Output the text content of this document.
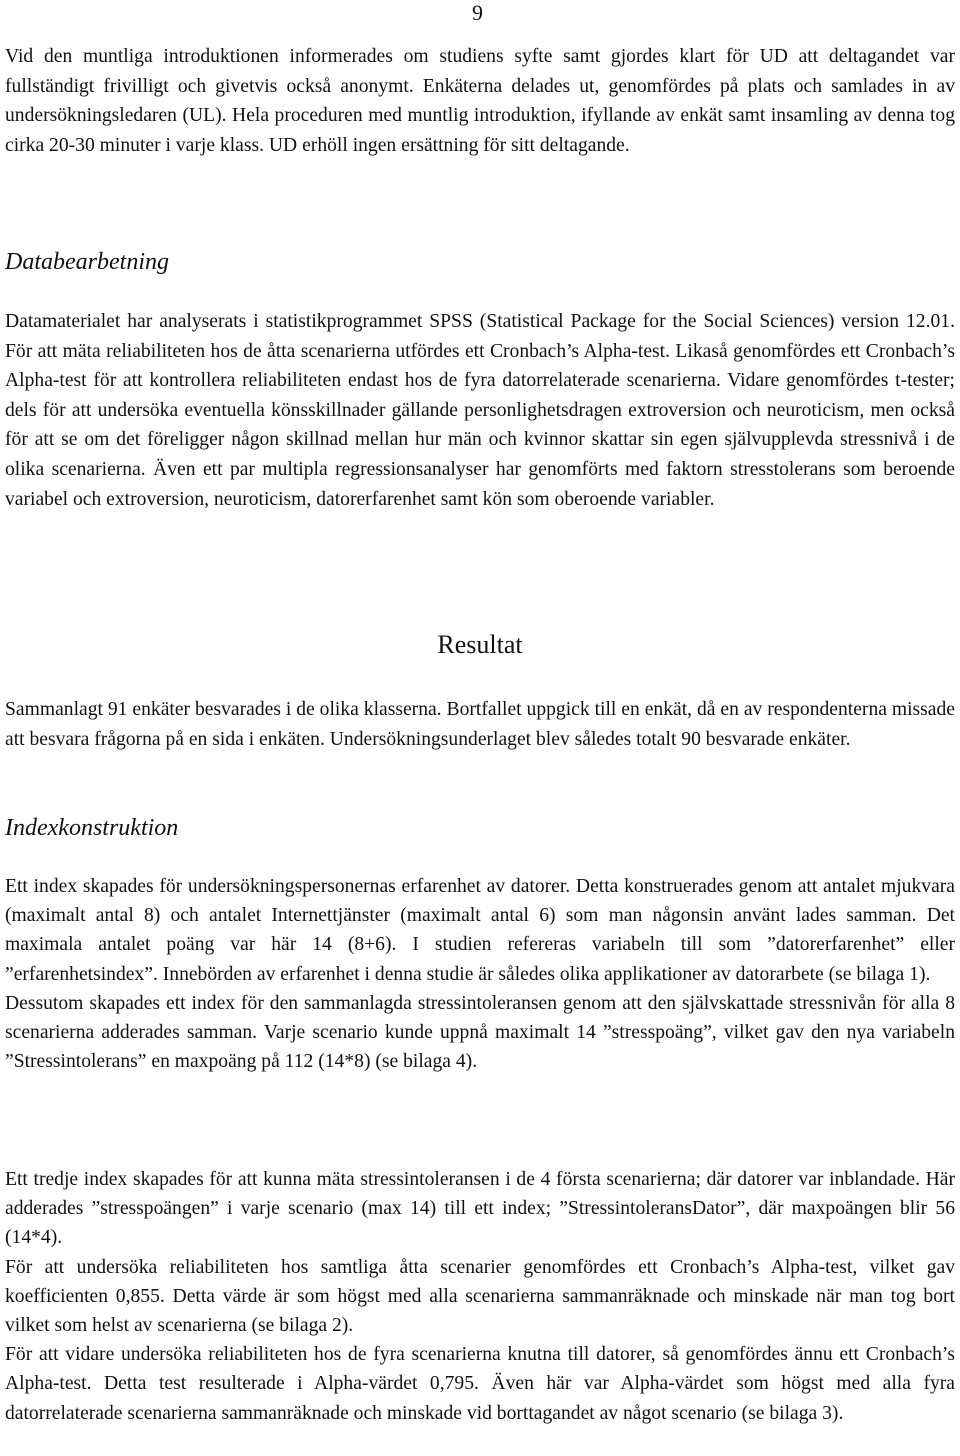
9

Vid den muntliga introduktionen informerades om studiens syfte samt gjordes klart för UD att deltagandet var fullständigt frivilligt och givetvis också anonymt. Enkäterna delades ut, genomfördes på plats och samlades in av undersökningsledaren (UL). Hela proceduren med muntlig introduktion, ifyllande av enkät samt insamling av denna tog cirka 20-30 minuter i varje klass. UD erhöll ingen ersättning för sitt deltagande.

Databearbetning

Datamaterialet har analyserats i statistikprogrammet SPSS (Statistical Package for the Social Sciences) version 12.01. För att mäta reliabiliteten hos de åtta scenarierna utfördes ett Cronbach’s Alpha-test. Likaså genomfördes ett Cronbach’s Alpha-test för att kontrollera reliabiliteten endast hos de fyra datorrelaterade scenarierna. Vidare genomfördes t-tester; dels för att undersöka eventuella könsskillnader gällande personlighetsdragen extroversion och neuroticism, men också för att se om det föreligger någon skillnad mellan hur män och kvinnor skattar sin egen självupplevda stressnivå i de olika scenarierna. Även ett par multipla regressionsanalyser har genomförts med faktorn stresstolerans som beroende variabel och extroversion, neuroticism, datorerfarenhet samt kön som oberoende variabler.

Resultat

Sammanlagt 91 enkäter besvarades i de olika klasserna. Bortfallet uppgick till en enkät, då en av respondenterna missade att besvara frågorna på en sida i enkäten. Undersökningsunderlaget blev således totalt 90 besvarade enkäter.

Indexkonstruktion

Ett index skapades för undersökningspersonernas erfarenhet av datorer. Detta konstruerades genom att antalet mjukvara (maximalt antal 8) och antalet Internettjänster (maximalt antal 6) som man någonsin använt lades samman. Det maximala antalet poäng var här 14 (8+6). I studien refereras variabeln till som ”datorerfarenhet” eller ”erfarenhetsindex”. Innebörden av erfarenhet i denna studie är således olika applikationer av datorarbete (se bilaga 1).

Dessutom skapades ett index för den sammanlagda stressintoleransen genom att den självskattade stressnivån för alla 8 scenarierna adderades samman. Varje scenario kunde uppnå maximalt 14 ”stresspoäng”, vilket gav den nya variabeln ”Stressintolerans” en maxpoäng på 112 (14*8) (se bilaga 4).

Ett tredje index skapades för att kunna mäta stressintoleransen i de 4 första scenarierna; där datorer var inblandade. Här adderades ”stresspoängen” i varje scenario (max 14) till ett index; ”StressintoleransDator”, där maxpoängen blir 56 (14*4).

För att undersöka reliabiliteten hos samtliga åtta scenarier genomfördes ett Cronbach’s Alpha-test, vilket gav koefficienten 0,855. Detta värde är som högst med alla scenarierna sammanräknade och minskade när man tog bort vilket som helst av scenarierna (se bilaga 2).

För att vidare undersöka reliabiliteten hos de fyra scenarierna knutna till datorer, så genomfördes ännu ett Cronbach’s Alpha-test. Detta test resulterade i Alpha-värdet 0,795. Även här var Alpha-värdet som högst med alla fyra datorrelaterade scenarierna sammanräknade och minskade vid borttagandet av något scenario (se bilaga 3).
